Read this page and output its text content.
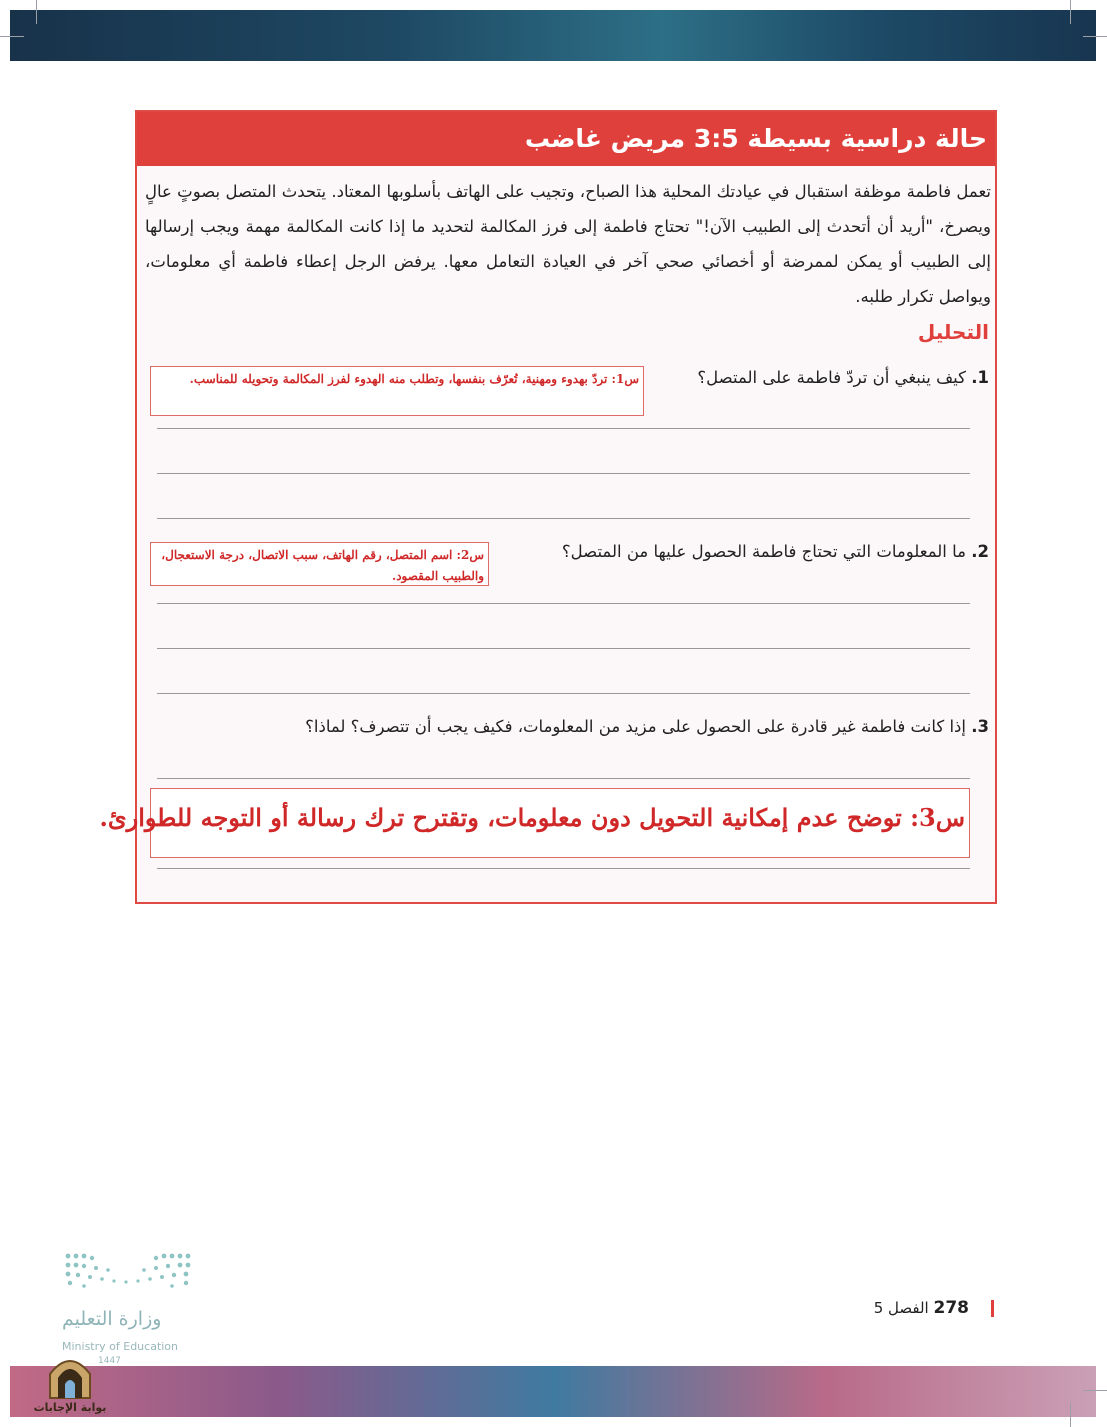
حالة دراسية بسيطة 3:5 مريض غاضب
تعمل فاطمة موظفة استقبال في عيادتك المحلية هذا الصباح، وتجيب على الهاتف بأسلوبها المعتاد. يتحدث المتصل بصوتٍ عالٍ ويصرخ، "أريد أن أتحدث إلى الطبيب الآن!" تحتاج فاطمة إلى فرز المكالمة لتحديد ما إذا كانت المكالمة مهمة ويجب إرسالها إلى الطبيب أو يمكن لممرضة أو أخصائي صحي آخر في العيادة التعامل معها. يرفض الرجل إعطاء فاطمة أي معلومات، ويواصل تكرار طلبه.
التحليل
1. كيف ينبغي أن تردّ فاطمة على المتصل؟
س1: تردّ بهدوء ومهنية، تُعرّف بنفسها، وتطلب منه الهدوء لفرز المكالمة وتحويله للمناسب.
2. ما المعلومات التي تحتاج فاطمة الحصول عليها من المتصل؟
س2: اسم المتصل، رقم الهاتف، سبب الاتصال، درجة الاستعجال، والطبيب المقصود.
3. إذا كانت فاطمة غير قادرة على الحصول على مزيد من المعلومات، فكيف يجب أن تتصرف؟ لماذا؟
س3: توضح عدم إمكانية التحويل دون معلومات، وتقترح ترك رسالة أو التوجه للطوارئ.
278 الفصل 5
وزارة التعليم
Ministry of Education
1447
بوابة الإجابات
